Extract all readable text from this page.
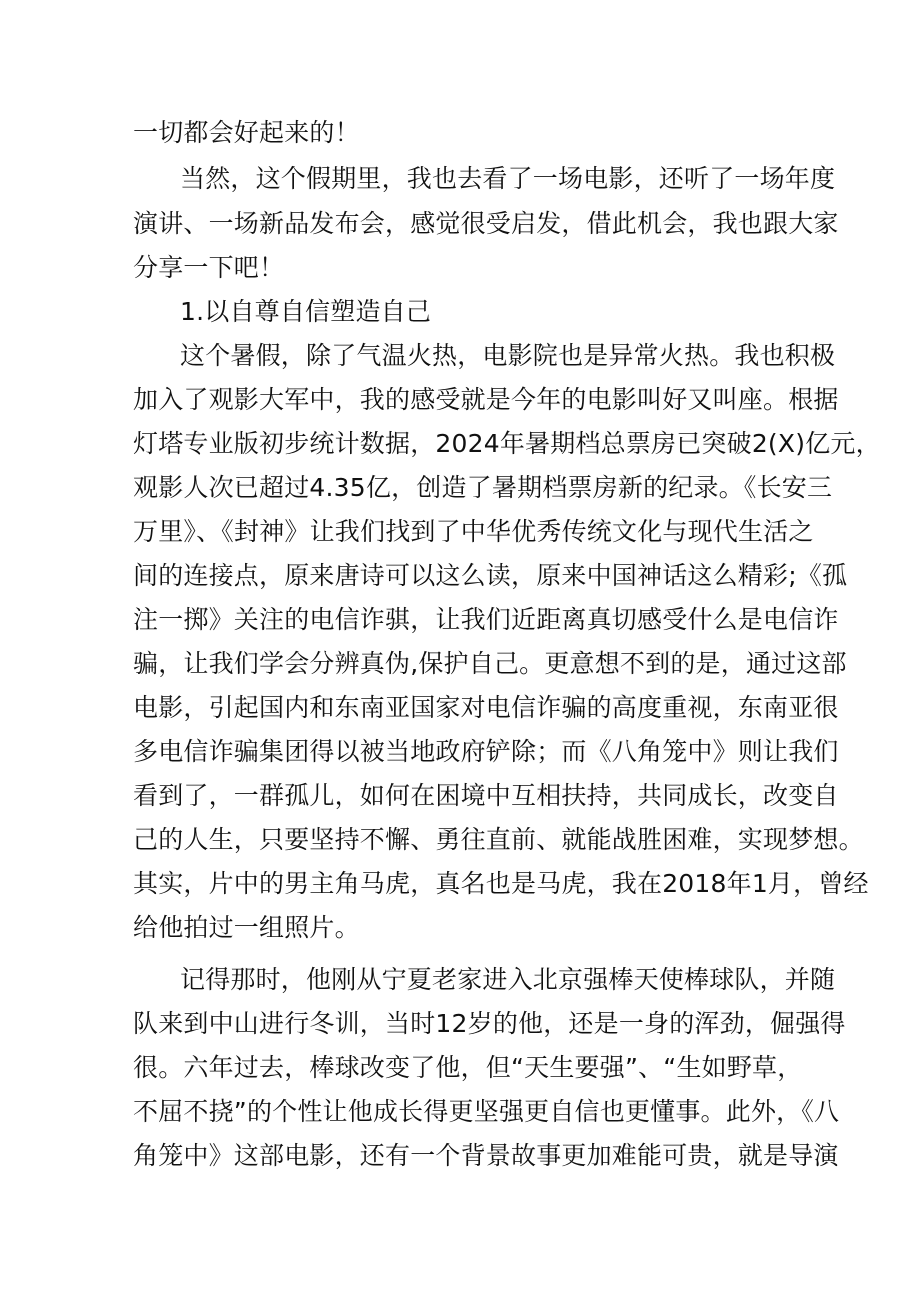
一切都会好起来的！
当然，这个假期里，我也去看了一场电影，还听了一场年度
演讲、一场新品发布会，感觉很受启发，借此机会，我也跟大家
分享一下吧！
1.以自尊自信塑造自己
这个暑假，除了气温火热，电影院也是异常火热。我也积极
加入了观影大军中，我的感受就是今年的电影叫好又叫座。根据
灯塔专业版初步统计数据，2024年暑期档总票房已突破2(X)亿元，
观影人次已超过4.35亿，创造了暑期档票房新的纪录。《长安三
万里》、《封神》让我们找到了中华优秀传统文化与现代生活之
间的连接点，原来唐诗可以这么读，原来中国神话这么精彩;《孤
注一掷》关注的电信诈骐，让我们近距离真切感受什么是电信诈
骗，让我们学会分辨真伪,保护自己。更意想不到的是，通过这部
电影，引起国内和东南亚国家对电信诈骗的高度重视，东南亚很
多电信诈骗集团得以被当地政府铲除；而《八角笼中》则让我们
看到了，一群孤儿，如何在困境中互相扶持，共同成长，改变自
己的人生，只要坚持不懈、勇往直前、就能战胜困难，实现梦想。
其实，片中的男主角马虎，真名也是马虎，我在2018年1月，曾经
给他拍过一组照片。
记得那时，他刚从宁夏老家进入北京强棒天使棒球队，并随
队来到中山进行冬训，当时12岁的他，还是一身的浑劲，倔强得
很。六年过去，棒球改变了他，但“天生要强”、“生如野草，
不屈不挠”的个性让他成长得更坚强更自信也更懂事。此外，《八
角笼中》这部电影，还有一个背景故事更加难能可贵，就是导演
